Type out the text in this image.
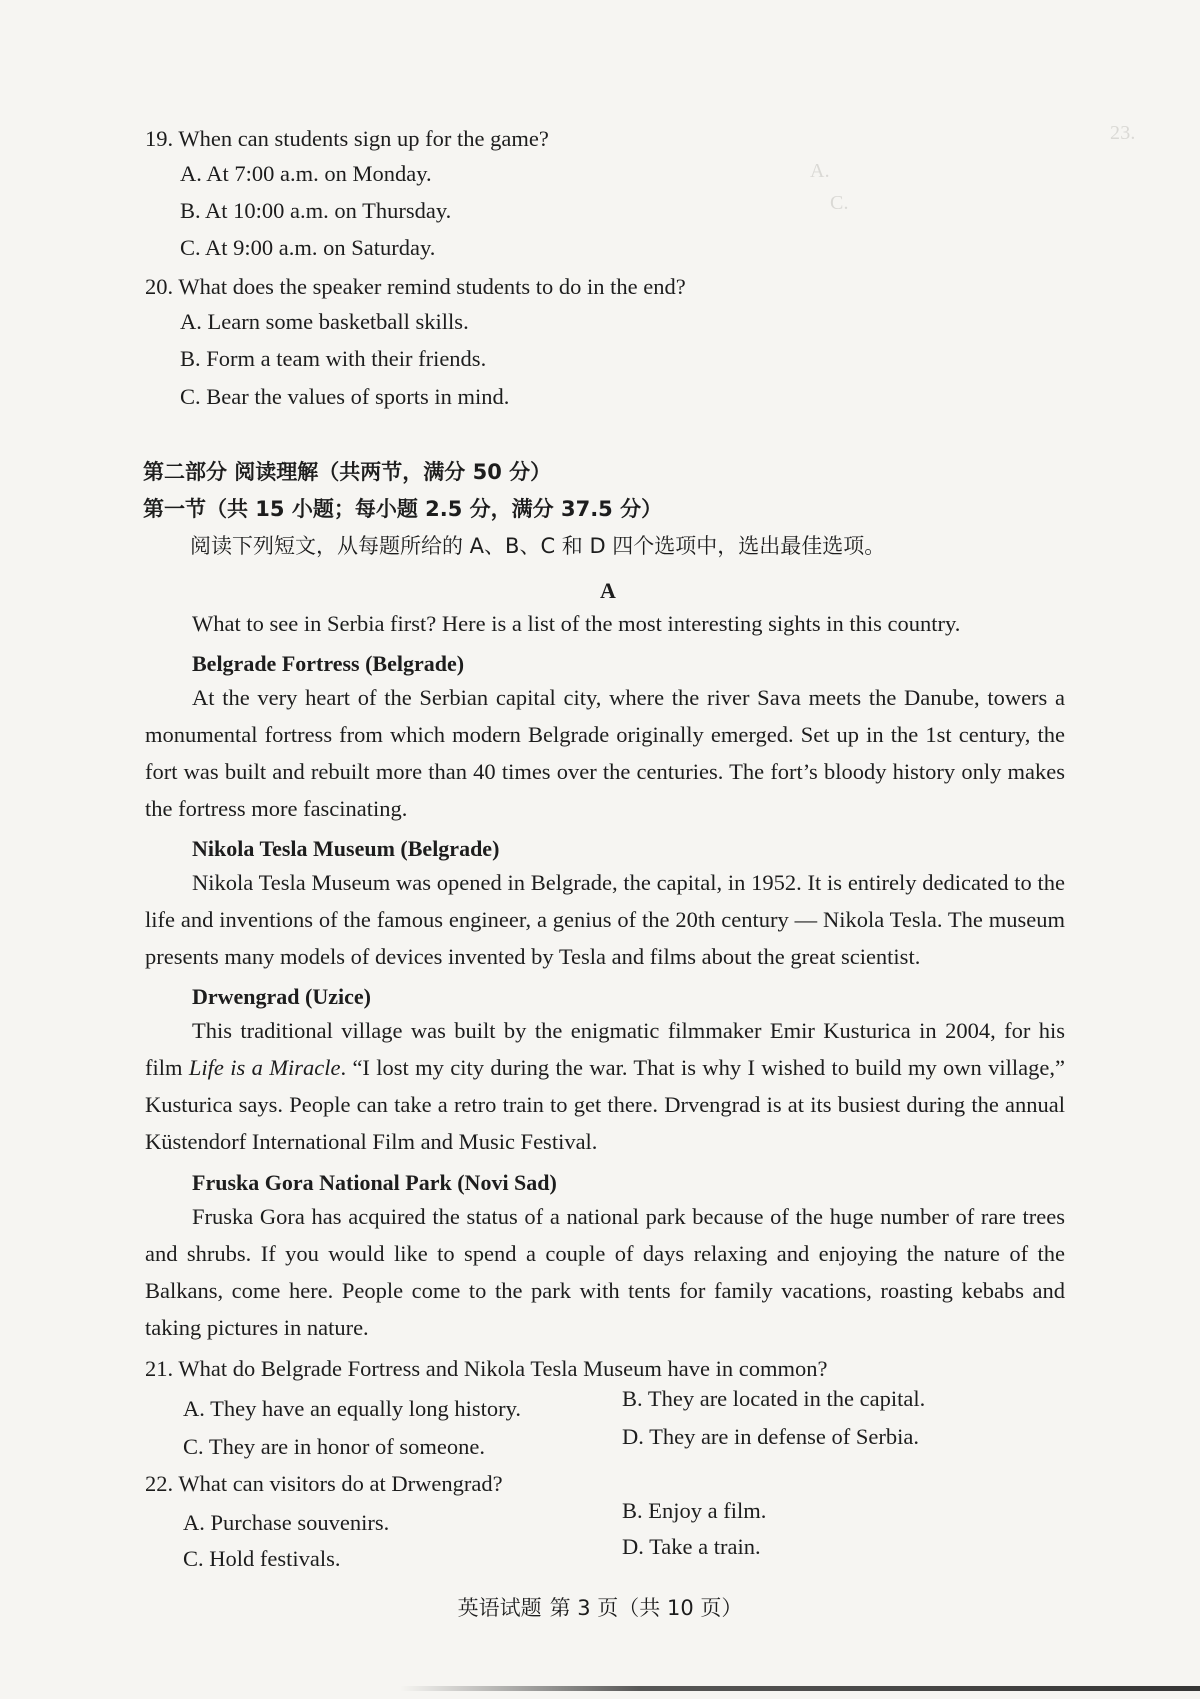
23.
A.
C.
19. When can students sign up for the game?
A. At 7:00 a.m. on Monday.
B. At 10:00 a.m. on Thursday.
C. At 9:00 a.m. on Saturday.
20. What does the speaker remind students to do in the end?
A. Learn some basketball skills.
B. Form a team with their friends.
C. Bear the values of sports in mind.
第二部分 阅读理解（共两节，满分 50 分）
第一节（共 15 小题；每小题 2.5 分，满分 37.5 分）
阅读下列短文，从每题所给的 A、B、C 和 D 四个选项中，选出最佳选项。
A
What to see in Serbia first? Here is a list of the most interesting sights in this country.
Belgrade Fortress (Belgrade)
At the very heart of the Serbian capital city, where the river Sava meets the Danube, towers a monumental fortress from which modern Belgrade originally emerged. Set up in the 1st century, the fort was built and rebuilt more than 40 times over the centuries. The fort’s bloody history only makes the fortress more fascinating.
Nikola Tesla Museum (Belgrade)
Nikola Tesla Museum was opened in Belgrade, the capital, in 1952. It is entirely dedicated to the life and inventions of the famous engineer, a genius of the 20th century — Nikola Tesla. The museum presents many models of devices invented by Tesla and films about the great scientist.
Drwengrad (Uzice)
This traditional village was built by the enigmatic filmmaker Emir Kusturica in 2004, for his film Life is a Miracle. “I lost my city during the war. That is why I wished to build my own village,” Kusturica says. People can take a retro train to get there. Drvengrad is at its busiest during the annual Küstendorf International Film and Music Festival.
Fruska Gora National Park (Novi Sad)
Fruska Gora has acquired the status of a national park because of the huge number of rare trees and shrubs. If you would like to spend a couple of days relaxing and enjoying the nature of the Balkans, come here. People come to the park with tents for family vacations, roasting kebabs and taking pictures in nature.
21. What do Belgrade Fortress and Nikola Tesla Museum have in common?
A. They have an equally long history.	B. They are located in the capital.
C. They are in honor of someone.	D. They are in defense of Serbia.
22. What can visitors do at Drwengrad?
A. Purchase souvenirs.	B. Enjoy a film.
C. Hold festivals.	D. Take a train.
英语试题 第 3 页（共 10 页）
